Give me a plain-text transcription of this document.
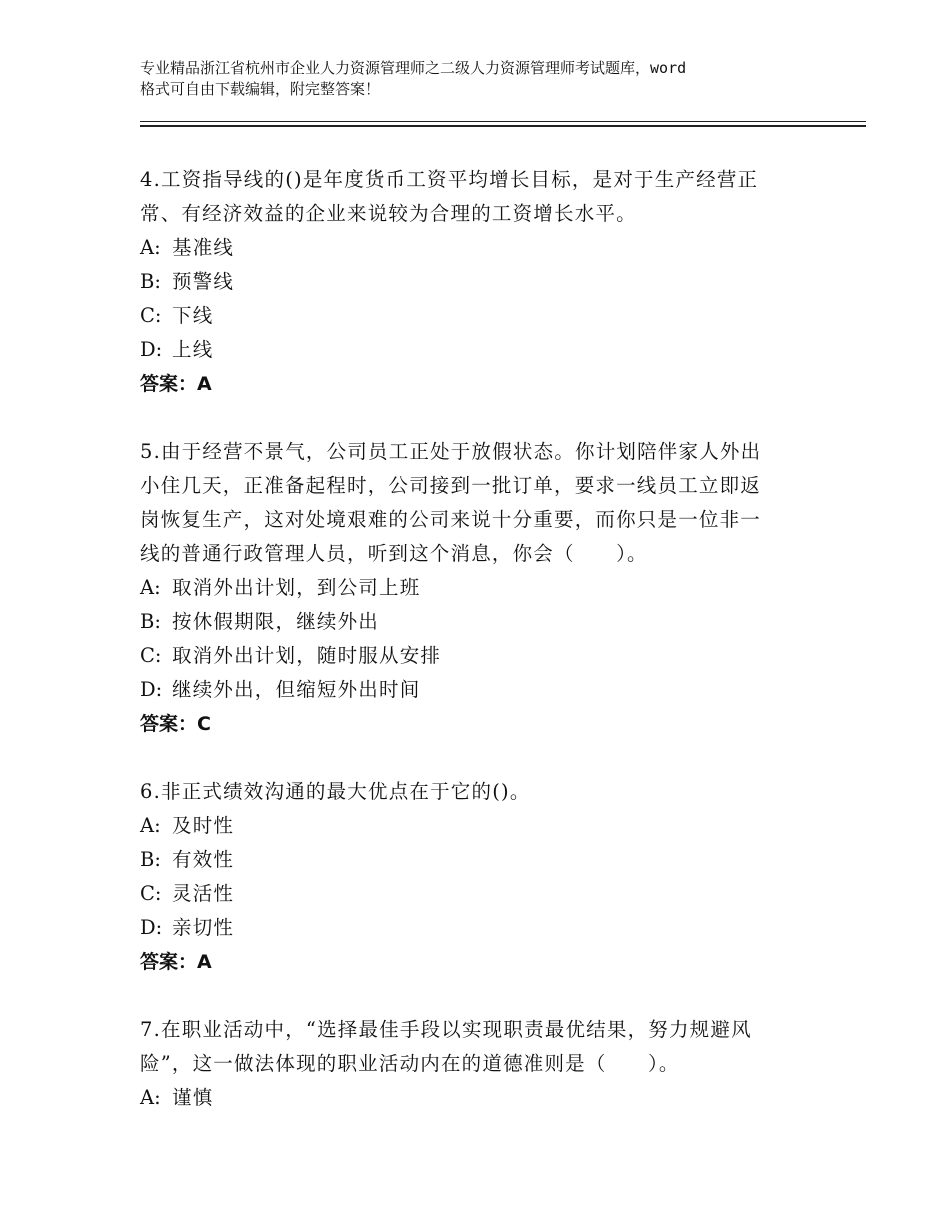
专业精品浙江省杭州市企业人力资源管理师之二级人力资源管理师考试题库，word
格式可自由下载编辑，附完整答案！
4.工资指导线的()是年度货币工资平均增长目标，是对于生产经营正
常、有经济效益的企业来说较为合理的工资增长水平。
A: 基准线
B: 预警线
C: 下线
D: 上线
答案：A
5.由于经营不景气，公司员工正处于放假状态。你计划陪伴家人外出
小住几天，正准备起程时，公司接到一批订单，要求一线员工立即返
岗恢复生产，这对处境艰难的公司来说十分重要，而你只是一位非一
线的普通行政管理人员，听到这个消息，你会（　　）。
A: 取消外出计划，到公司上班
B: 按休假期限，继续外出
C: 取消外出计划，随时服从安排
D: 继续外出，但缩短外出时间
答案：C
6.非正式绩效沟通的最大优点在于它的()。
A: 及时性
B: 有效性
C: 灵活性
D: 亲切性
答案：A
7.在职业活动中，“选择最佳手段以实现职责最优结果，努力规避风
险”，这一做法体现的职业活动内在的道德准则是（　　）。
A: 谨慎
